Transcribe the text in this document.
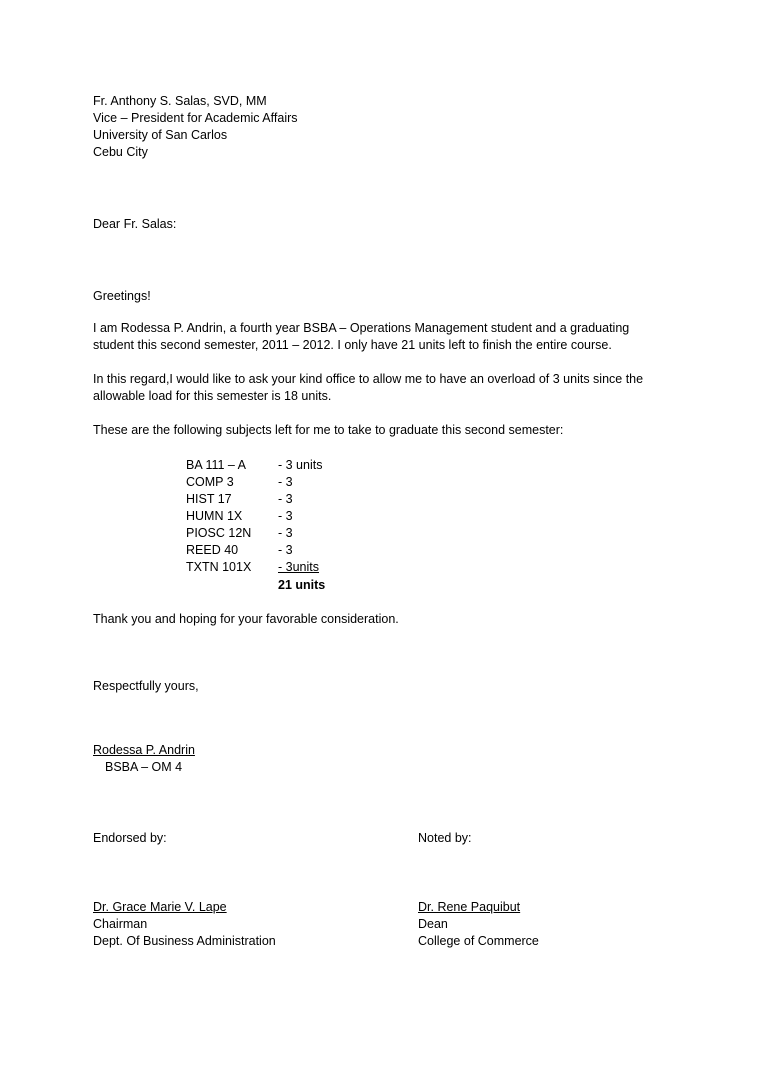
Fr. Anthony S. Salas, SVD, MM
Vice – President for Academic Affairs
University of San Carlos
Cebu City
Dear Fr. Salas:
Greetings!
I am Rodessa P. Andrin, a fourth year BSBA – Operations Management student and a graduating
student this second semester, 2011 – 2012. I only have 21 units left to finish the entire course.
In this regard,I would like to ask your kind office to allow me to have an overload of 3 units since the
allowable load for this semester is 18 units.
These are the following subjects left for me to take to graduate this second semester:
BA 111 – A	- 3 units
COMP 3	- 3
HIST 17	- 3
HUMN 1X	- 3
PIOSC 12N - 3
REED 40	- 3
TXTN 101X - 3units
21 units
Thank you and hoping for your favorable consideration.
Respectfully yours,
Rodessa P. Andrin
BSBA – OM 4
Endorsed by:	Noted by:
Dr. Grace Marie V. Lape
Chairman
Dept. Of Business Administration
Dr. Rene Paquibut
Dean
College of Commerce
